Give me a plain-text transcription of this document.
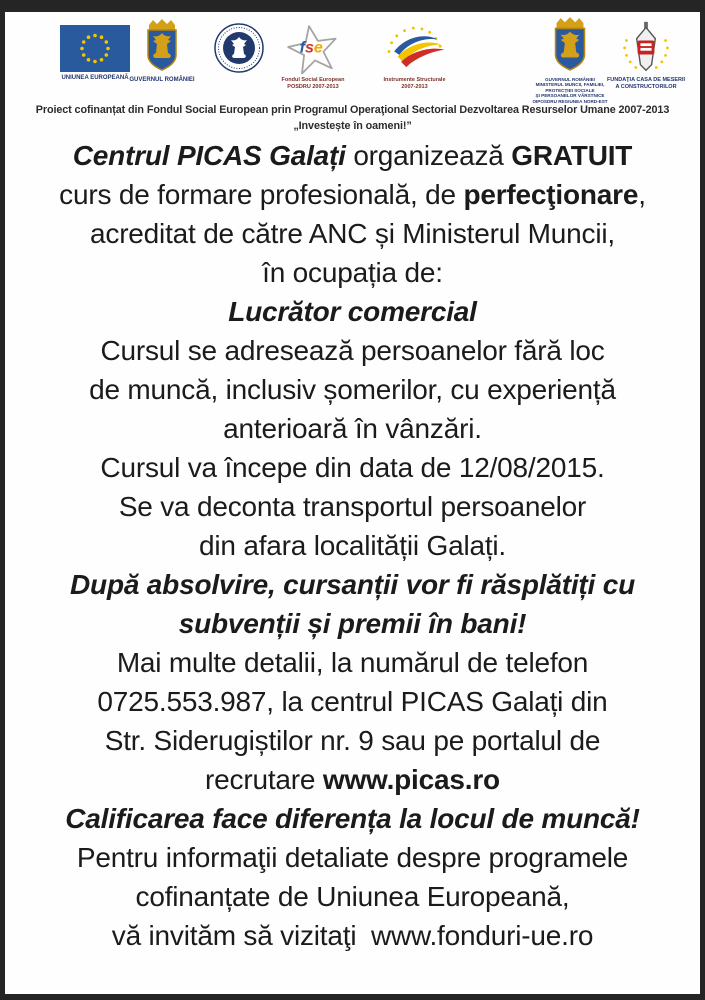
UNIUNEA EUROPEANĂ GUVERNUL ROMÂNIEI
fse
Fondul Social European
POSDRU 2007-2013
Instrumente Structurale
2007-2013
GUVERNUL ROMÂNIEI
MINISTERUL MUNCII, FAMILIEI,
PROTECŢIEI SOCIALE
ŞI PERSOANELOR VÂRSTNICE
OIPOSDRU REGIUNEA NORD-EST
FUNDAŢIA CASA DE MESERII
A CONSTRUCTORILOR
Proiect cofinanțat din Fondul Social European prin Programul Operaţional Sectorial Dezvoltarea Resurselor Umane 2007-2013
„Investește în oameni!”
Centrul PICAS Galați organizează GRATUIT
curs de formare profesională, de perfecţionare,
acreditat de către ANC și Ministerul Muncii,
în ocupația de:
Lucrător comercial
Cursul se adresează persoanelor fără loc
de muncă, inclusiv șomerilor, cu experiență
anterioară în vânzări.
Cursul va începe din data de 12/08/2015.
Se va deconta transportul persoanelor
din afara localității Galați.
După absolvire, cursanții vor fi răsplătiți cu
subvenții și premii în bani!
Mai multe detalii, la numărul de telefon
0725.553.987, la centrul PICAS Galați din
Str. Siderugiștilor nr. 9 sau pe portalul de
recrutare www.picas.ro
Calificarea face diferența la locul de muncă!
Pentru informaţii detaliate despre programele
cofinanțate de Uniunea Europeană,
vă invităm să vizitaţi www.fonduri-ue.ro
